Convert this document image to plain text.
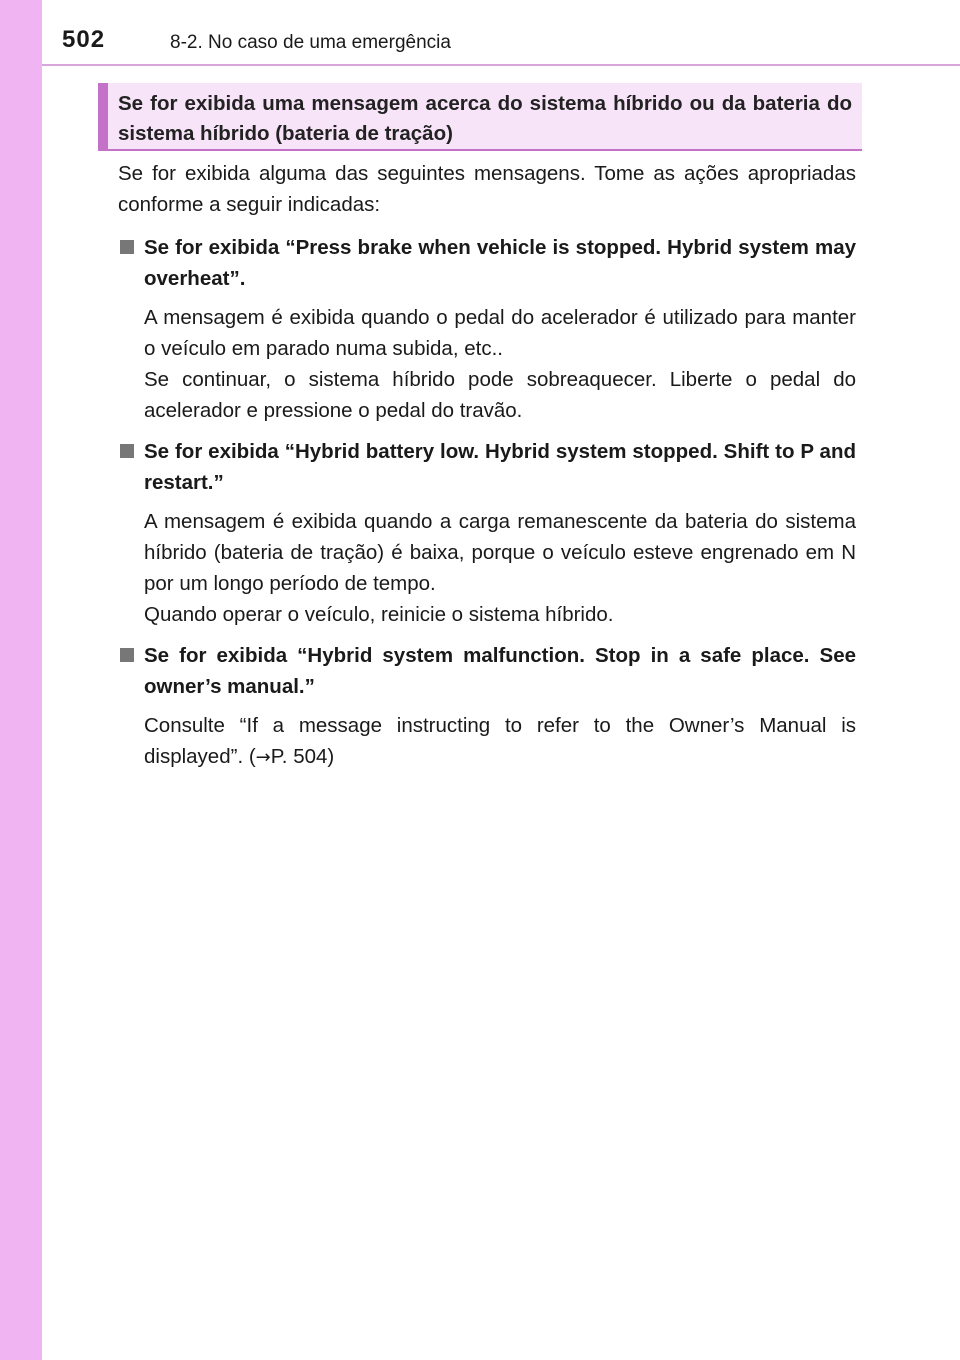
502	8-2. No caso de uma emergência
Se for exibida uma mensagem acerca do sistema híbrido ou da bateria do sistema híbrido (bateria de tração)

Se for exibida alguma das seguintes mensagens. Tome as ações apropriadas conforme a seguir indicadas:

Se for exibida “Press brake when vehicle is stopped. Hybrid system may overheat”.
A mensagem é exibida quando o pedal do acelerador é utilizado para manter o veículo em parado numa subida, etc..
Se continuar, o sistema híbrido pode sobreaquecer. Liberte o pedal do acelerador e pressione o pedal do travão.
Se for exibida “Hybrid battery low. Hybrid system stopped. Shift to P and restart.”
A mensagem é exibida quando a carga remanescente da bateria do sistema híbrido (bateria de tração) é baixa, porque o veículo esteve engrenado em N por um longo período de tempo.
Quando operar o veículo, reinicie o sistema híbrido.
Se for exibida “Hybrid system malfunction. Stop in a safe place. See owner’s manual.”
Consulte “If a message instructing to refer to the Owner’s Manual is displayed”. (→P. 504)
